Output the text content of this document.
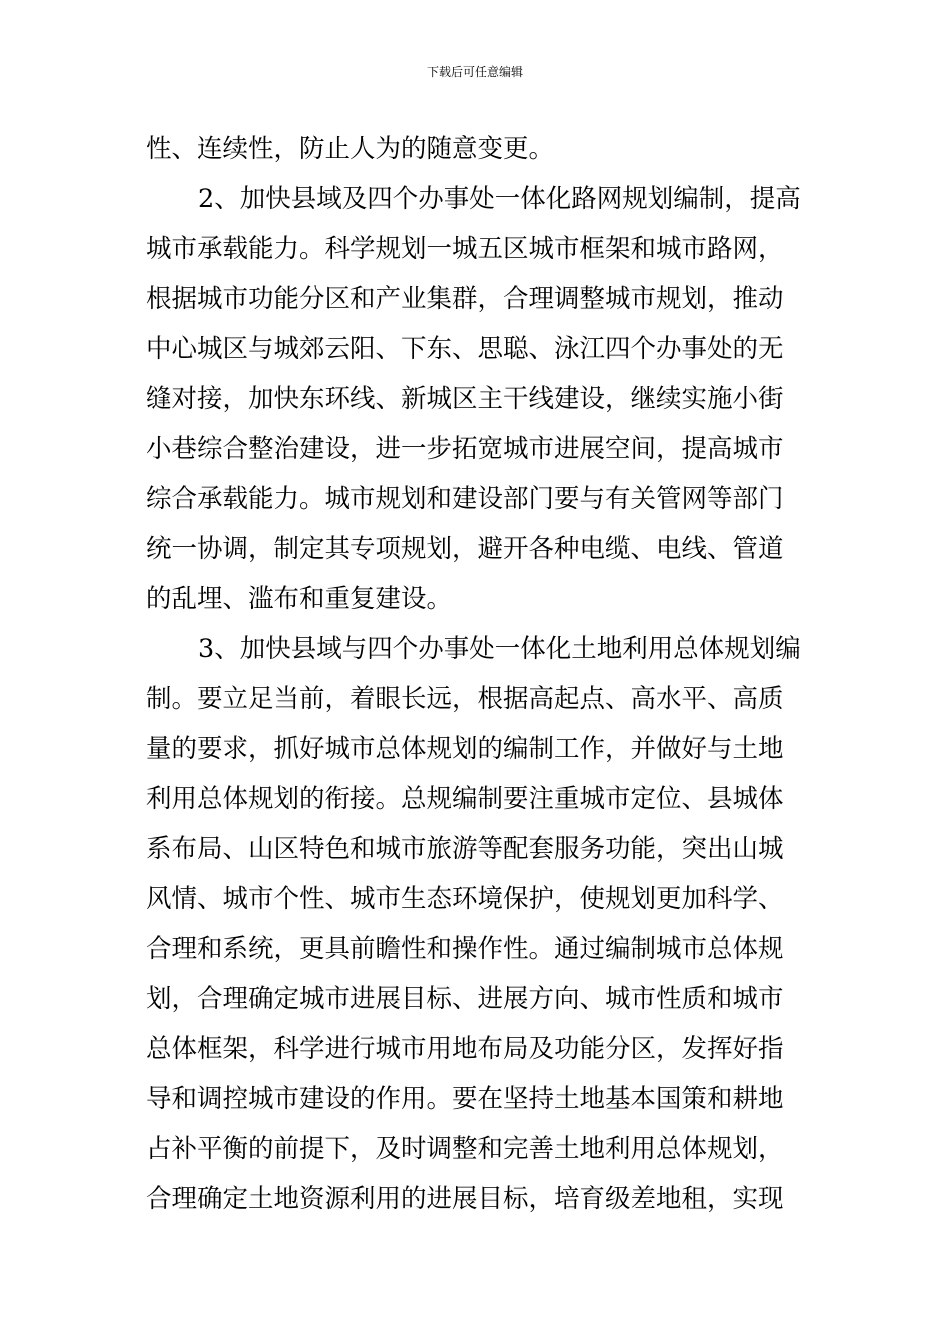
下载后可任意编辑
性、连续性，防止人为的随意变更。
2、加快县域及四个办事处一体化路网规划编制，提高
城市承载能力。科学规划一城五区城市框架和城市路网，
根据城市功能分区和产业集群，合理调整城市规划，推动
中心城区与城郊云阳、下东、思聪、泳江四个办事处的无
缝对接，加快东环线、新城区主干线建设，继续实施小街
小巷综合整治建设，进一步拓宽城市进展空间，提高城市
综合承载能力。城市规划和建设部门要与有关管网等部门
统一协调，制定其专项规划，避开各种电缆、电线、管道
的乱埋、滥布和重复建设。
3、加快县域与四个办事处一体化土地利用总体规划编
制。要立足当前，着眼长远，根据高起点、高水平、高质
量的要求，抓好城市总体规划的编制工作，并做好与土地
利用总体规划的衔接。总规编制要注重城市定位、县城体
系布局、山区特色和城市旅游等配套服务功能，突出山城
风情、城市个性、城市生态环境保护，使规划更加科学、
合理和系统，更具前瞻性和操作性。通过编制城市总体规
划，合理确定城市进展目标、进展方向、城市性质和城市
总体框架，科学进行城市用地布局及功能分区，发挥好指
导和调控城市建设的作用。要在坚持土地基本国策和耕地
占补平衡的前提下，及时调整和完善土地利用总体规划，
合理确定土地资源利用的进展目标，培育级差地租，实现
